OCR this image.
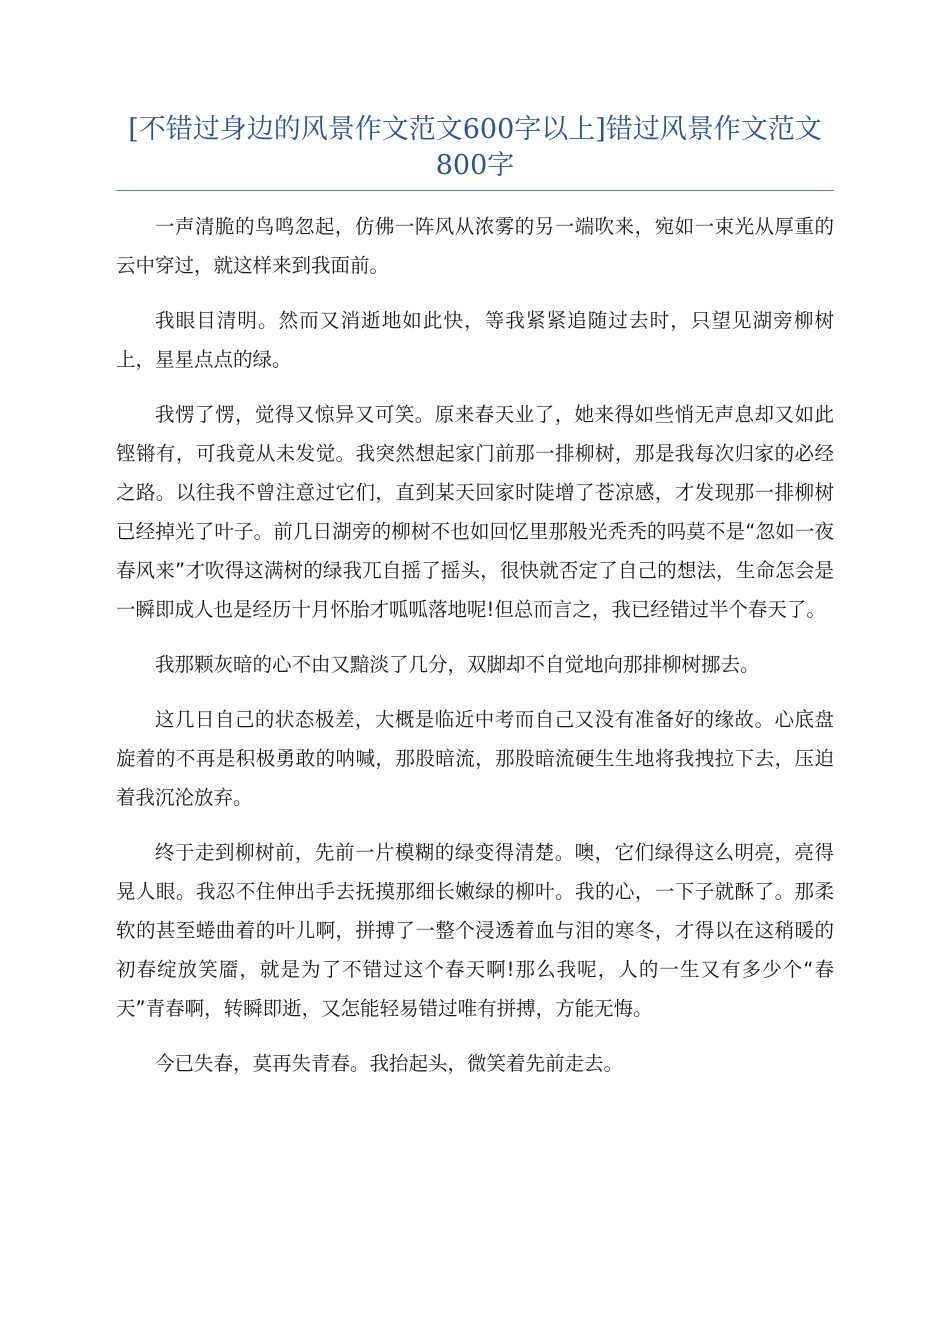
[不错过身边的风景作文范文600字以上]错过风景作文范文800字

一声清脆的鸟鸣忽起，仿佛一阵风从浓雾的另一端吹来，宛如一束光从厚重的云中穿过，就这样来到我面前。

我眼目清明。然而又消逝地如此快，等我紧紧追随过去时，只望见湖旁柳树上，星星点点的绿。

我愣了愣，觉得又惊异又可笑。原来春天业了，她来得如些悄无声息却又如此铿锵有，可我竟从未发觉。我突然想起家门前那一排柳树，那是我每次归家的必经之路。以往我不曾注意过它们，直到某天回家时陡增了苍凉感，才发现那一排柳树已经掉光了叶子。前几日湖旁的柳树不也如回忆里那般光秃秃的吗莫不是“忽如一夜春风来”才吹得这满树的绿我兀自摇了摇头，很快就否定了自己的想法，生命怎会是一瞬即成人也是经历十月怀胎才呱呱落地呢!但总而言之，我已经错过半个春天了。

我那颗灰暗的心不由又黯淡了几分，双脚却不自觉地向那排柳树挪去。

这几日自己的状态极差，大概是临近中考而自己又没有准备好的缘故。心底盘旋着的不再是积极勇敢的呐喊，那股暗流，那股暗流硬生生地将我拽拉下去，压迫着我沉沦放弃。

终于走到柳树前，先前一片模糊的绿变得清楚。噢，它们绿得这么明亮，亮得晃人眼。我忍不住伸出手去抚摸那细长嫩绿的柳叶。我的心，一下子就酥了。那柔软的甚至蜷曲着的叶儿啊，拼搏了一整个浸透着血与泪的寒冬，才得以在这稍暖的初春绽放笑靥，就是为了不错过这个春天啊!那么我呢，人的一生又有多少个“春天”青春啊，转瞬即逝，又怎能轻易错过唯有拼搏，方能无悔。

今已失春，莫再失青春。我抬起头，微笑着先前走去。
